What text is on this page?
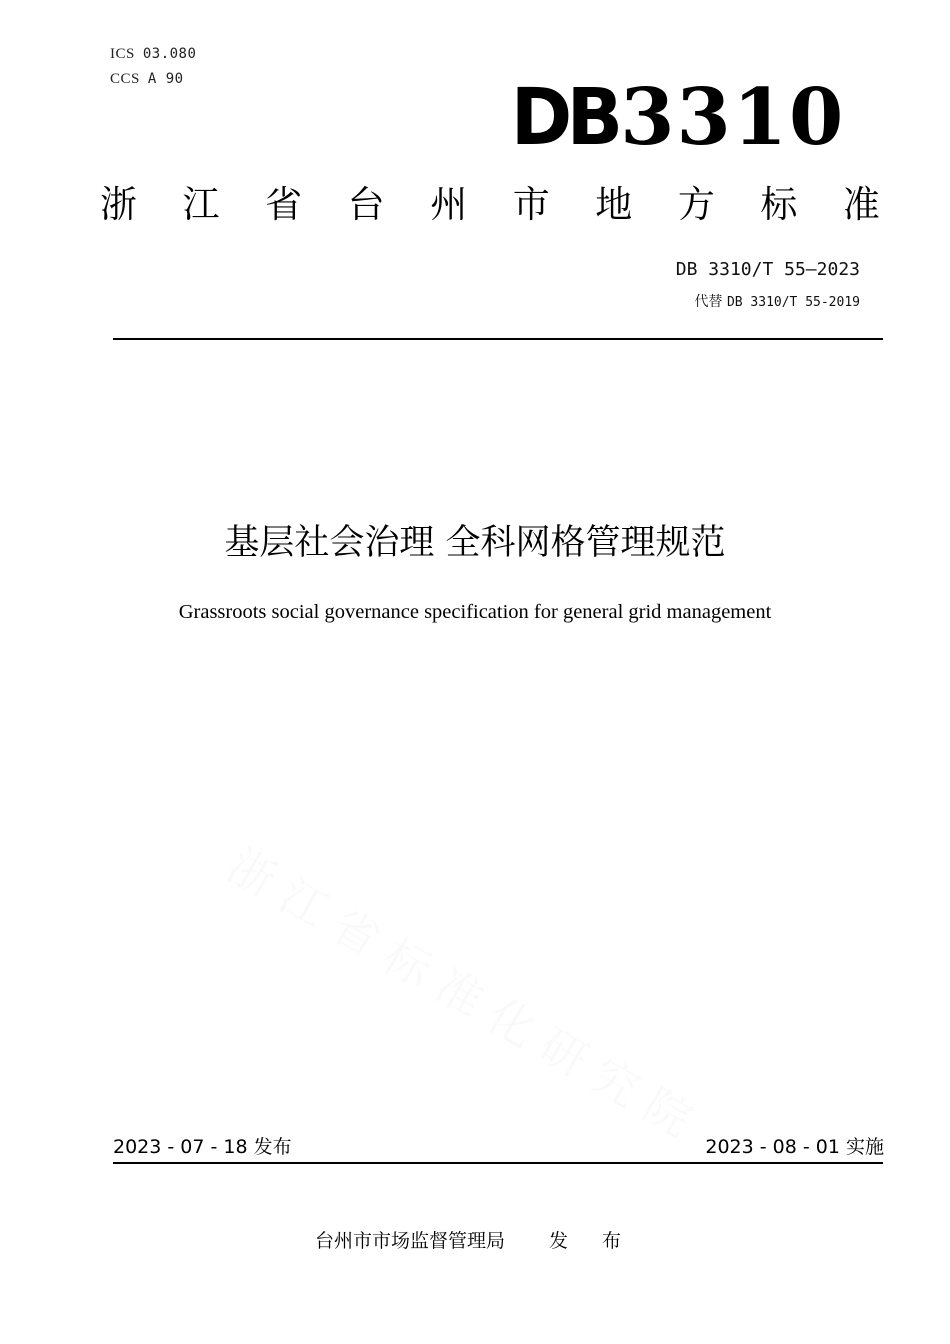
ICS 03.080
CCS A 90	DB3310
浙 江 省 台 州 市 地 方 标 准
DB 3310/T 55—2023
代替 DB 3310/T 55-2019
基层社会治理 全科网格管理规范
Grassroots social governance specification for general grid management
2023 - 07 - 18 发布	2023 - 08 - 01 实施
台州市市场监督管理局 发 布
